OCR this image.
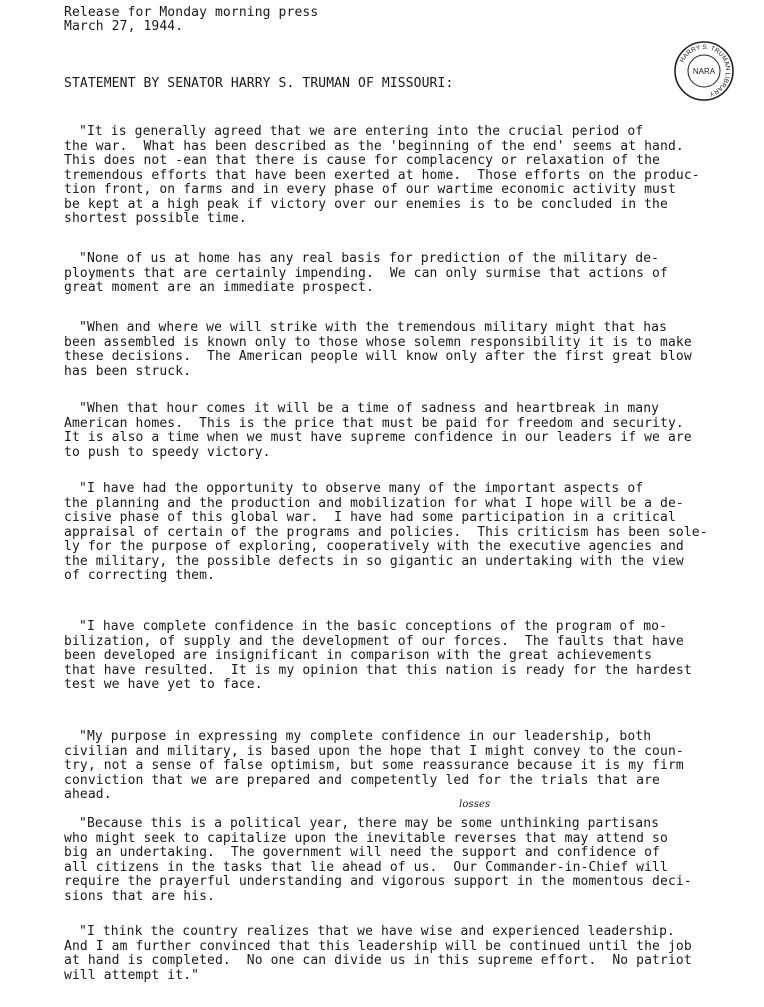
Release for Monday morning press

March 27, 1944.

STATEMENT BY SENATOR HARRY S. TRUMAN OF MISSOURI:

HARRY S. TRUMAN LIBRARY
NARA

"It is generally agreed that we are entering into the crucial period of

the war.  What has been described as the 'beginning of the end' seems at hand.

This does not -ean that there is cause for complacency or relaxation of the

tremendous efforts that have been exerted at home.  Those efforts on the produc-

tion front, on farms and in every phase of our wartime economic activity must

be kept at a high peak if victory over our enemies is to be concluded in the

shortest possible time.

"None of us at home has any real basis for prediction of the military de-

ployments that are certainly impending.  We can only surmise that actions of

great moment are an immediate prospect.

"When and where we will strike with the tremendous military might that has

been assembled is known only to those whose solemn responsibility it is to make

these decisions.  The American people will know only after the first great blow

has been struck.

"When that hour comes it will be a time of sadness and heartbreak in many

American homes.  This is the price that must be paid for freedom and security.

It is also a time when we must have supreme confidence in our leaders if we are

to push to speedy victory.

"I have had the opportunity to observe many of the important aspects of

the planning and the production and mobilization for what I hope will be a de-

cisive phase of this global war.  I have had some participation in a critical

appraisal of certain of the programs and policies.  This criticism has been sole-

ly for the purpose of exploring, cooperatively with the executive agencies and

the military, the possible defects in so gigantic an undertaking with the view

of correcting them.

"I have complete confidence in the basic conceptions of the program of mo-

bilization, of supply and the development of our forces.  The faults that have

been developed are insignificant in comparison with the great achievements

that have resulted.  It is my opinion that this nation is ready for the hardest

test we have yet to face.

"My purpose in expressing my complete confidence in our leadership, both

civilian and military, is based upon the hope that I might convey to the coun-

try, not a sense of false optimism, but some reassurance because it is my firm

conviction that we are prepared and competently led for the trials that are

ahead.

"Because this is a political year, there may be some unthinking partisans

who might seek to capitalize upon the inevitable reverses that may attend so

big an undertaking.  The government will need the support and confidence of

all citizens in the tasks that lie ahead of us.  Our Commander-in-Chief will

require the prayerful understanding and vigorous support in the momentous deci-

sions that are his.

"I think the country realizes that we have wise and experienced leadership.

And I am further convinced that this leadership will be continued until the job

at hand is completed.  No one can divide us in this supreme effort.  No patriot

will attempt it."

losses
